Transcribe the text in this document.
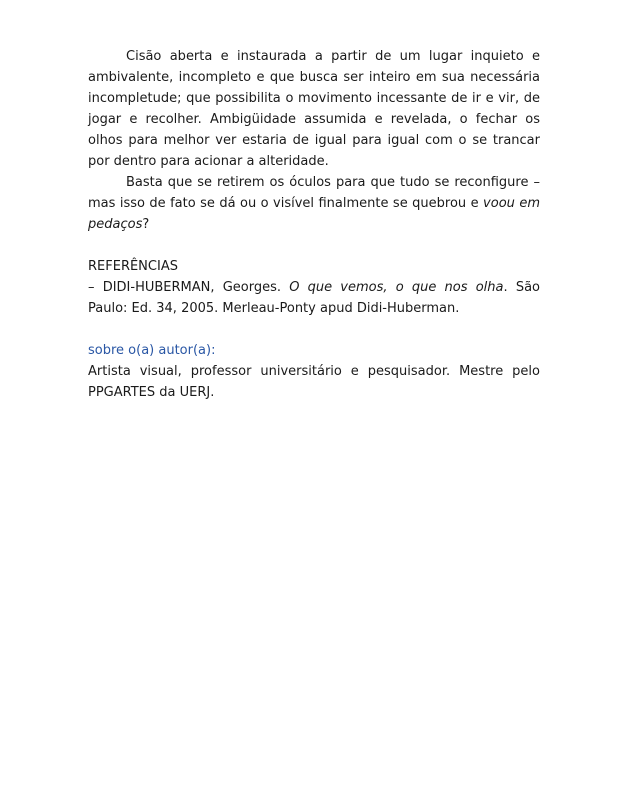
Cisão aberta e instaurada a partir de um lugar inquieto e ambivalente, incompleto e que busca ser inteiro em sua necessária incompletude; que possibilita o movimento incessante de ir e vir, de jogar e recolher. Ambigüidade assumida e revelada, o fechar os olhos para melhor ver estaria de igual para igual com o se trancar por dentro para acionar a alteridade.

Basta que se retirem os óculos para que tudo se reconfigure – mas isso de fato se dá ou o visível finalmente se quebrou e voou em pedaços?

REFERÊNCIAS

– DIDI-HUBERMAN, Georges. O que vemos, o que nos olha. São Paulo: Ed. 34, 2005. Merleau-Ponty apud Didi-Huberman.

sobre o(a) autor(a):

Artista visual, professor universitário e pesquisador. Mestre pelo PPGARTES da UERJ.
